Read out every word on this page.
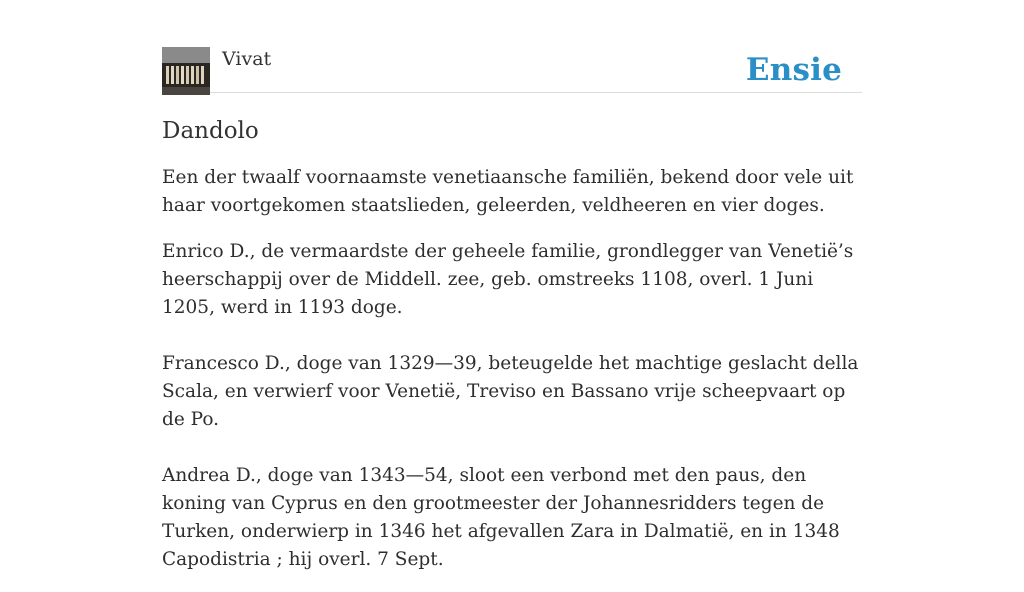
Vivat	Ensie
Dandolo

Een der twaalf voornaamste venetiaansche familiën, bekend door vele uit haar voortgekomen staatslieden, geleerden, veldheeren en vier doges.

Enrico D., de vermaardste der geheele familie, grondlegger van Venetië’s heerschappij over de Middell. zee, geb. omstreeks 1108, overl. 1 Juni 1205, werd in 1193 doge.

Francesco D., doge van 1329—39, beteugelde het machtige geslacht della Scala, en verwierf voor Venetië, Treviso en Bassano vrije scheepvaart op de Po.

Andrea D., doge van 1343—54, sloot een verbond met den paus, den koning van Cyprus en den grootmeester der Johannesridders tegen de Turken, onderwierp in 1346 het afgevallen Zara in Dalmatië, en in 1348 Capodistria ; hij overl. 7 Sept.
